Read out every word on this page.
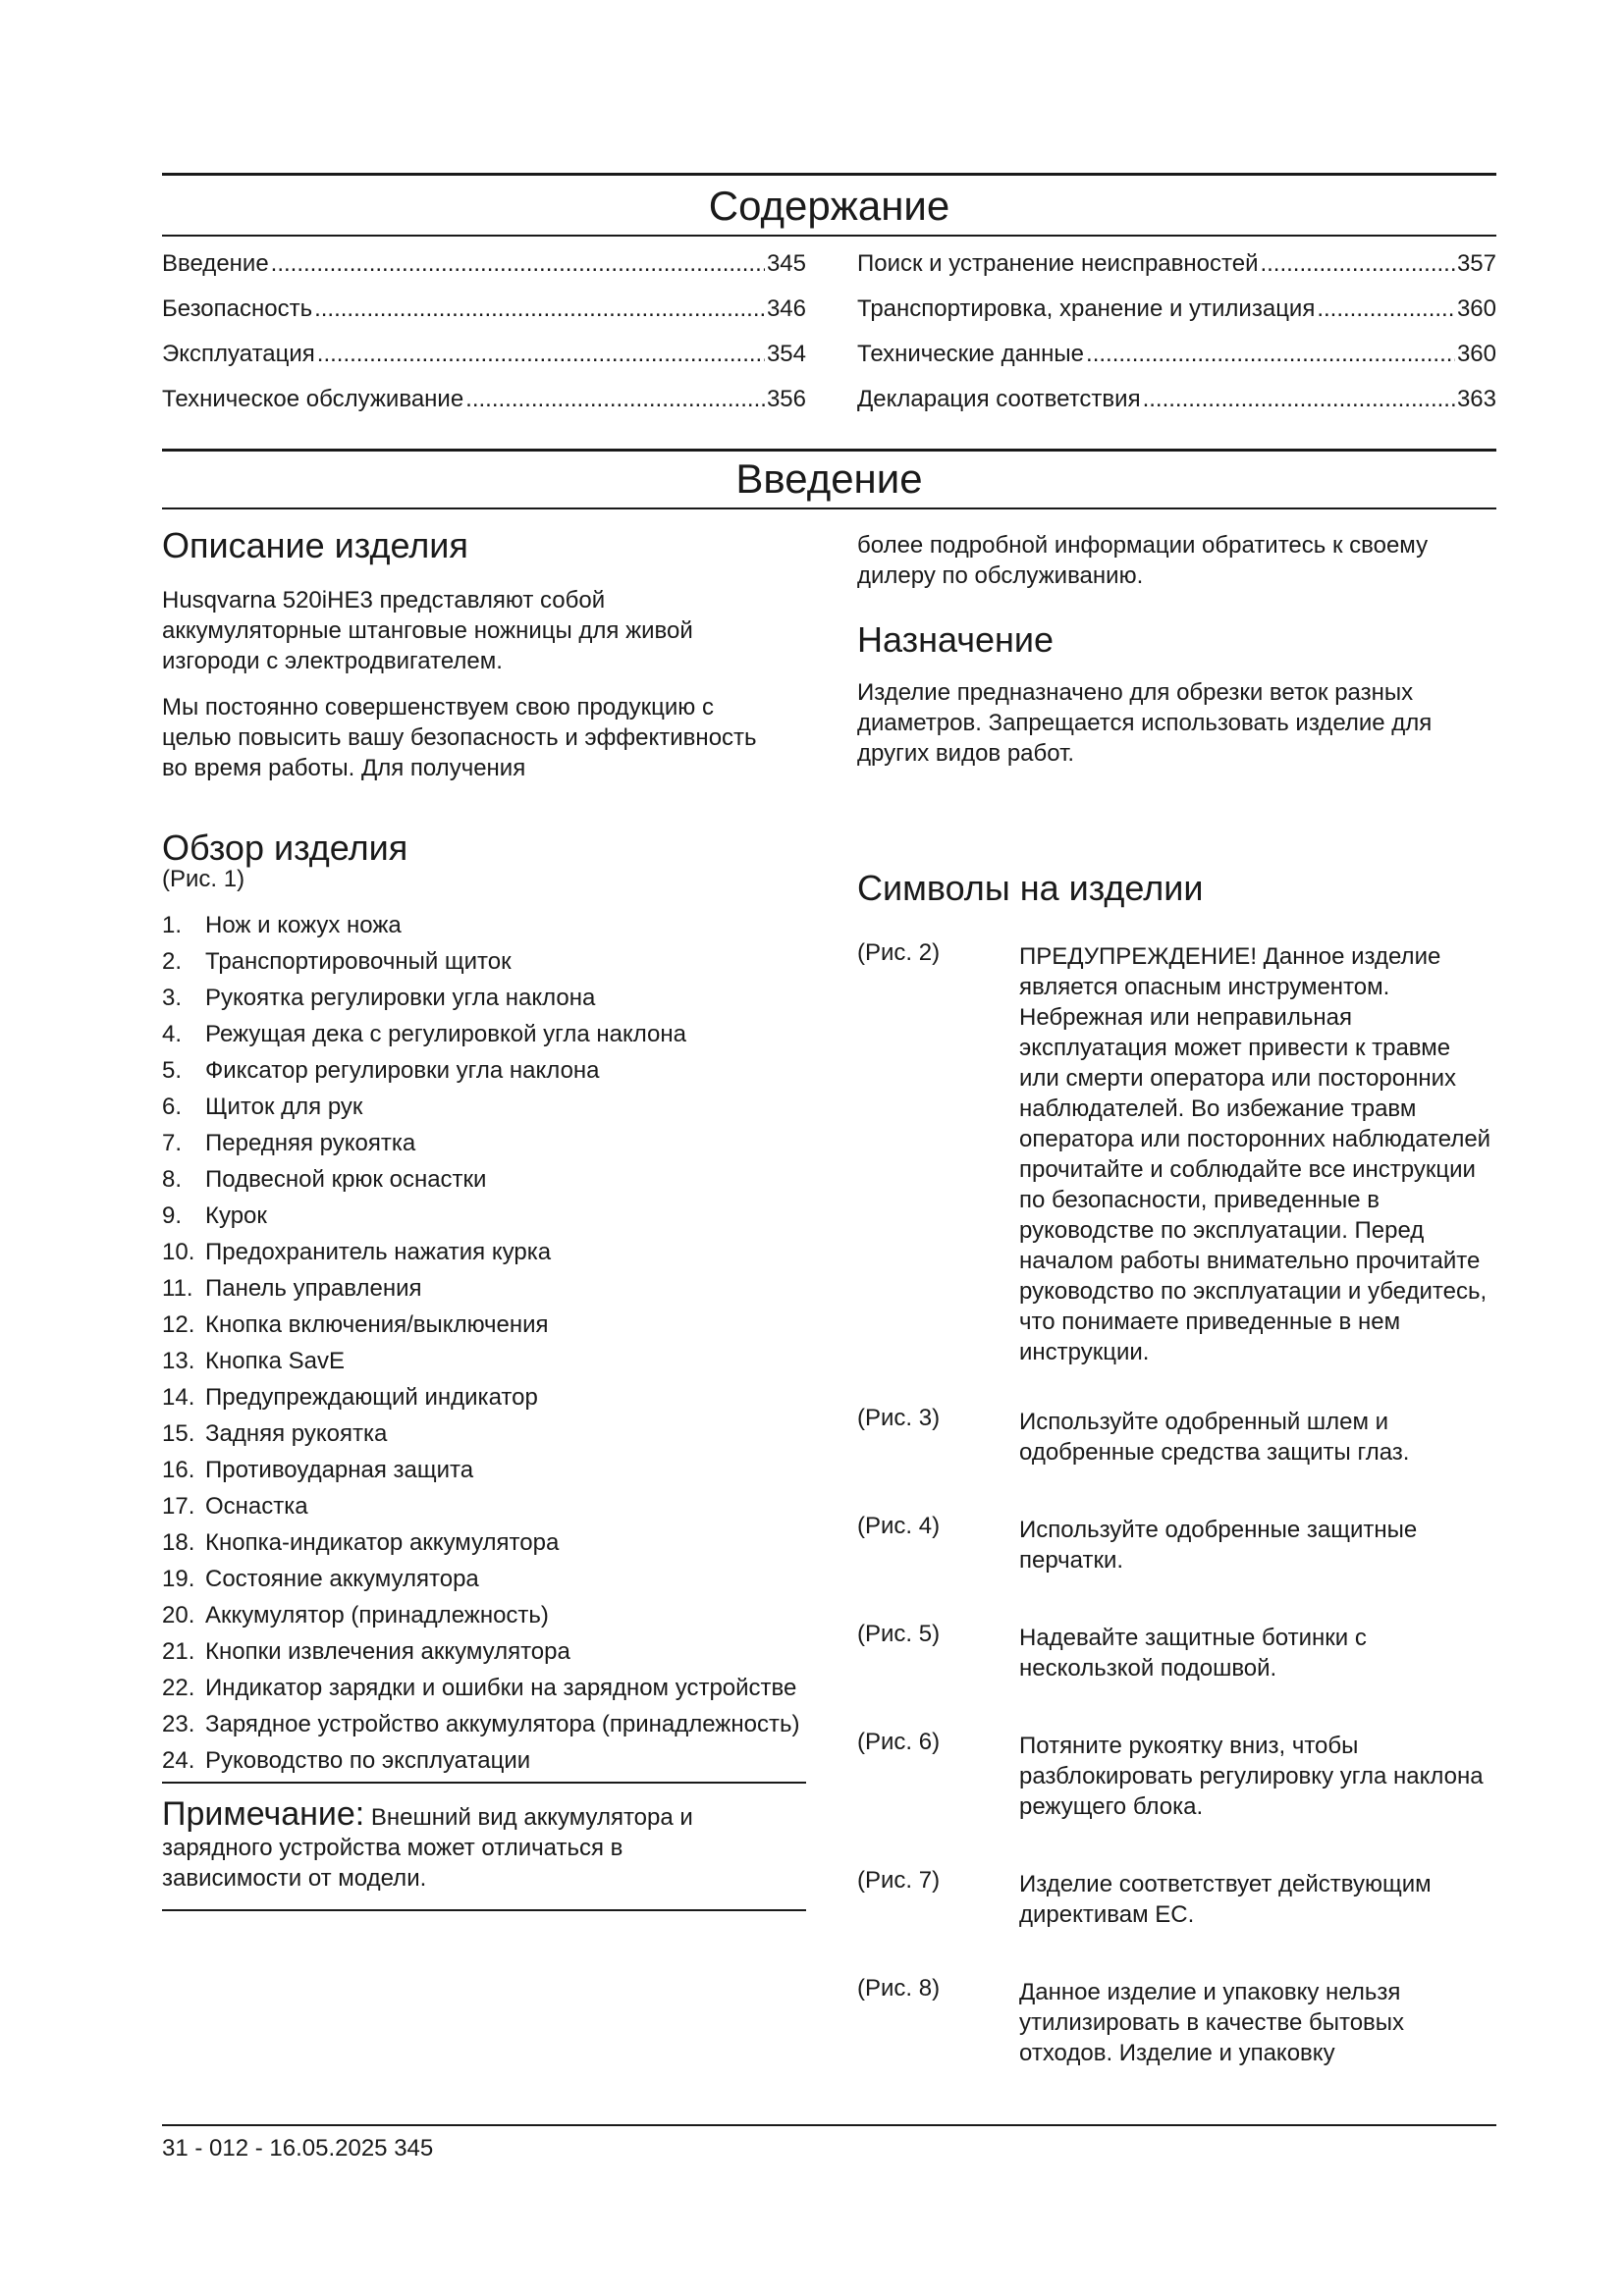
Содержание
Введение .....	345
Безопасность .....	346
Эксплуатация .....	354
Техническое обслуживание .....	356
Поиск и устранение неисправностей .....	357
Транспортировка, хранение и утилизация .....	360
Технические данные .....	360
Декларация соответствия .....	363
Введение
Описание изделия

Husqvarna 520iHE3 представляют собой аккумуляторные штанговые ножницы для живой изгороди с электродвигателем.

Мы постоянно совершенствуем свою продукцию с целью повысить вашу безопасность и эффективность во время работы. Для получения

Обзор изделия

(Рис. 1)

1. Нож и кожух ножа
2. Транспортировочный щиток
3. Рукоятка регулировки угла наклона
4. Режущая дека с регулировкой угла наклона
5. Фиксатор регулировки угла наклона
6. Щиток для рук
7. Передняя рукоятка
8. Подвесной крюк оснастки
9. Курок
10. Предохранитель нажатия курка
11. Панель управления
12. Кнопка включения/выключения
13. Кнопка SavE
14. Предупреждающий индикатор
15. Задняя рукоятка
16. Противоударная защита
17. Оснастка
18. Кнопка-индикатор аккумулятора
19. Состояние аккумулятора
20. Аккумулятор (принадлежность)
21. Кнопки извлечения аккумулятора
22. Индикатор зарядки и ошибки на зарядном устройстве
23. Зарядное устройство аккумулятора (принадлежность)
24. Руководство по эксплуатации

Примечание: Внешний вид аккумулятора и зарядного устройства может отличаться в зависимости от модели.

более подробной информации обратитесь к своему дилеру по обслуживанию.

Назначение

Изделие предназначено для обрезки веток разных диаметров. Запрещается использовать изделие для других видов работ.

Символы на изделии
(Рис. 2)	ПРЕДУПРЕЖДЕНИЕ! Данное изделие является опасным инструментом. Небрежная или неправильная эксплуатация может привести к травме или смерти оператора или посторонних наблюдателей. Во избежание травм оператора или посторонних наблюдателей прочитайте и соблюдайте все инструкции по безопасности, приведенные в руководстве по эксплуатации. Перед началом работы внимательно прочитайте руководство по эксплуатации и убедитесь, что понимаете приведенные в нем инструкции.
(Рис. 3)	Используйте одобренный шлем и одобренные средства защиты глаз.
(Рис. 4)	Используйте одобренные защитные перчатки.
(Рис. 5)	Надевайте защитные ботинки с нескользкой подошвой.
(Рис. 6)	Потяните рукоятку вниз, чтобы разблокировать регулировку угла наклона режущего блока.
(Рис. 7)	Изделие соответствует действующим директивам ЕС.
(Рис. 8)	Данное изделие и упаковку нельзя утилизировать в качестве бытовых отходов. Изделие и упаковку
31 - 012 - 16.05.2025 345
